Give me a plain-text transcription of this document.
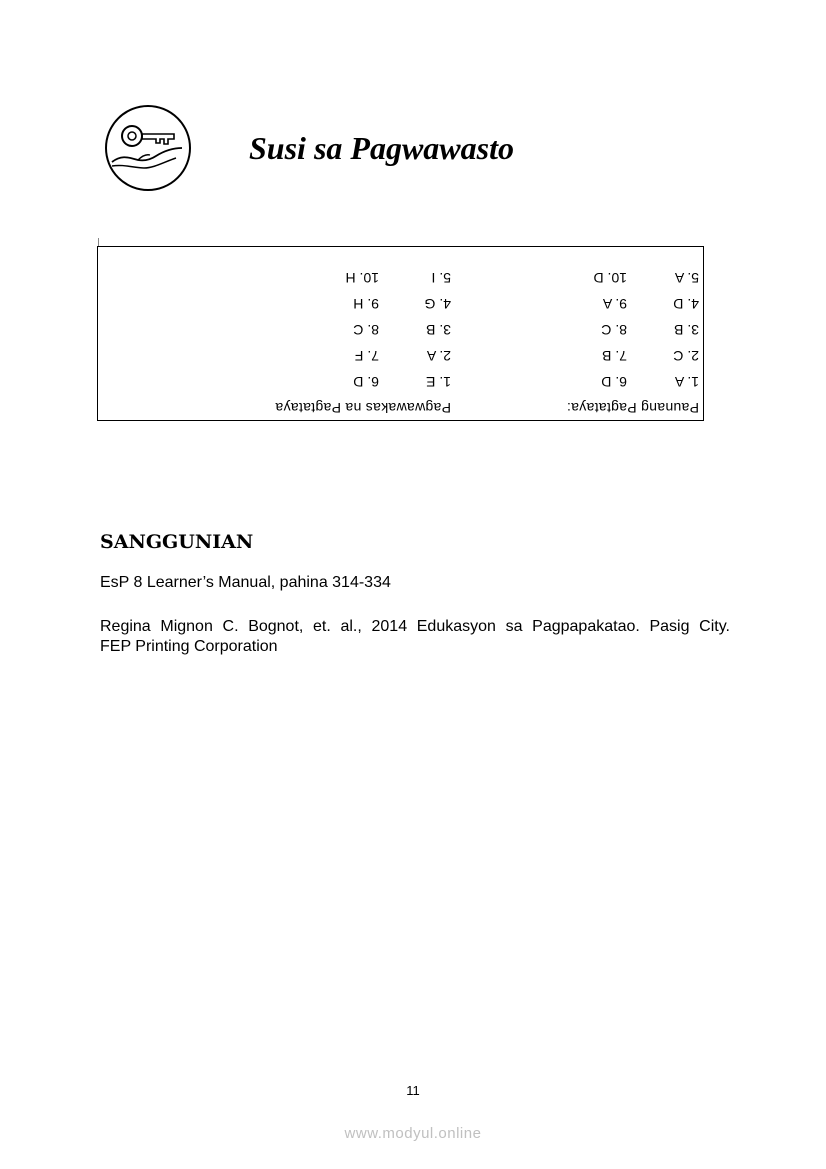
Susi sa Pagwawasto
Paunang Pagtataya:
1. A
6. D
2. C
7. B
3. B
8. C
4. D
9. A
5. A
10. D
Pagwawakas na Pagtataya
1. E
6. D
2. A
7. F
3. B
8. C
4. G
9. H
5. I
10. H
SANGGUNIAN
EsP 8 Learner’s Manual, pahina 314-334
Regina Mignon C. Bognot, et. al., 2014 Edukasyon sa Pagpapakatao. Pasig City.
FEP Printing Corporation
11
www.modyul.online
